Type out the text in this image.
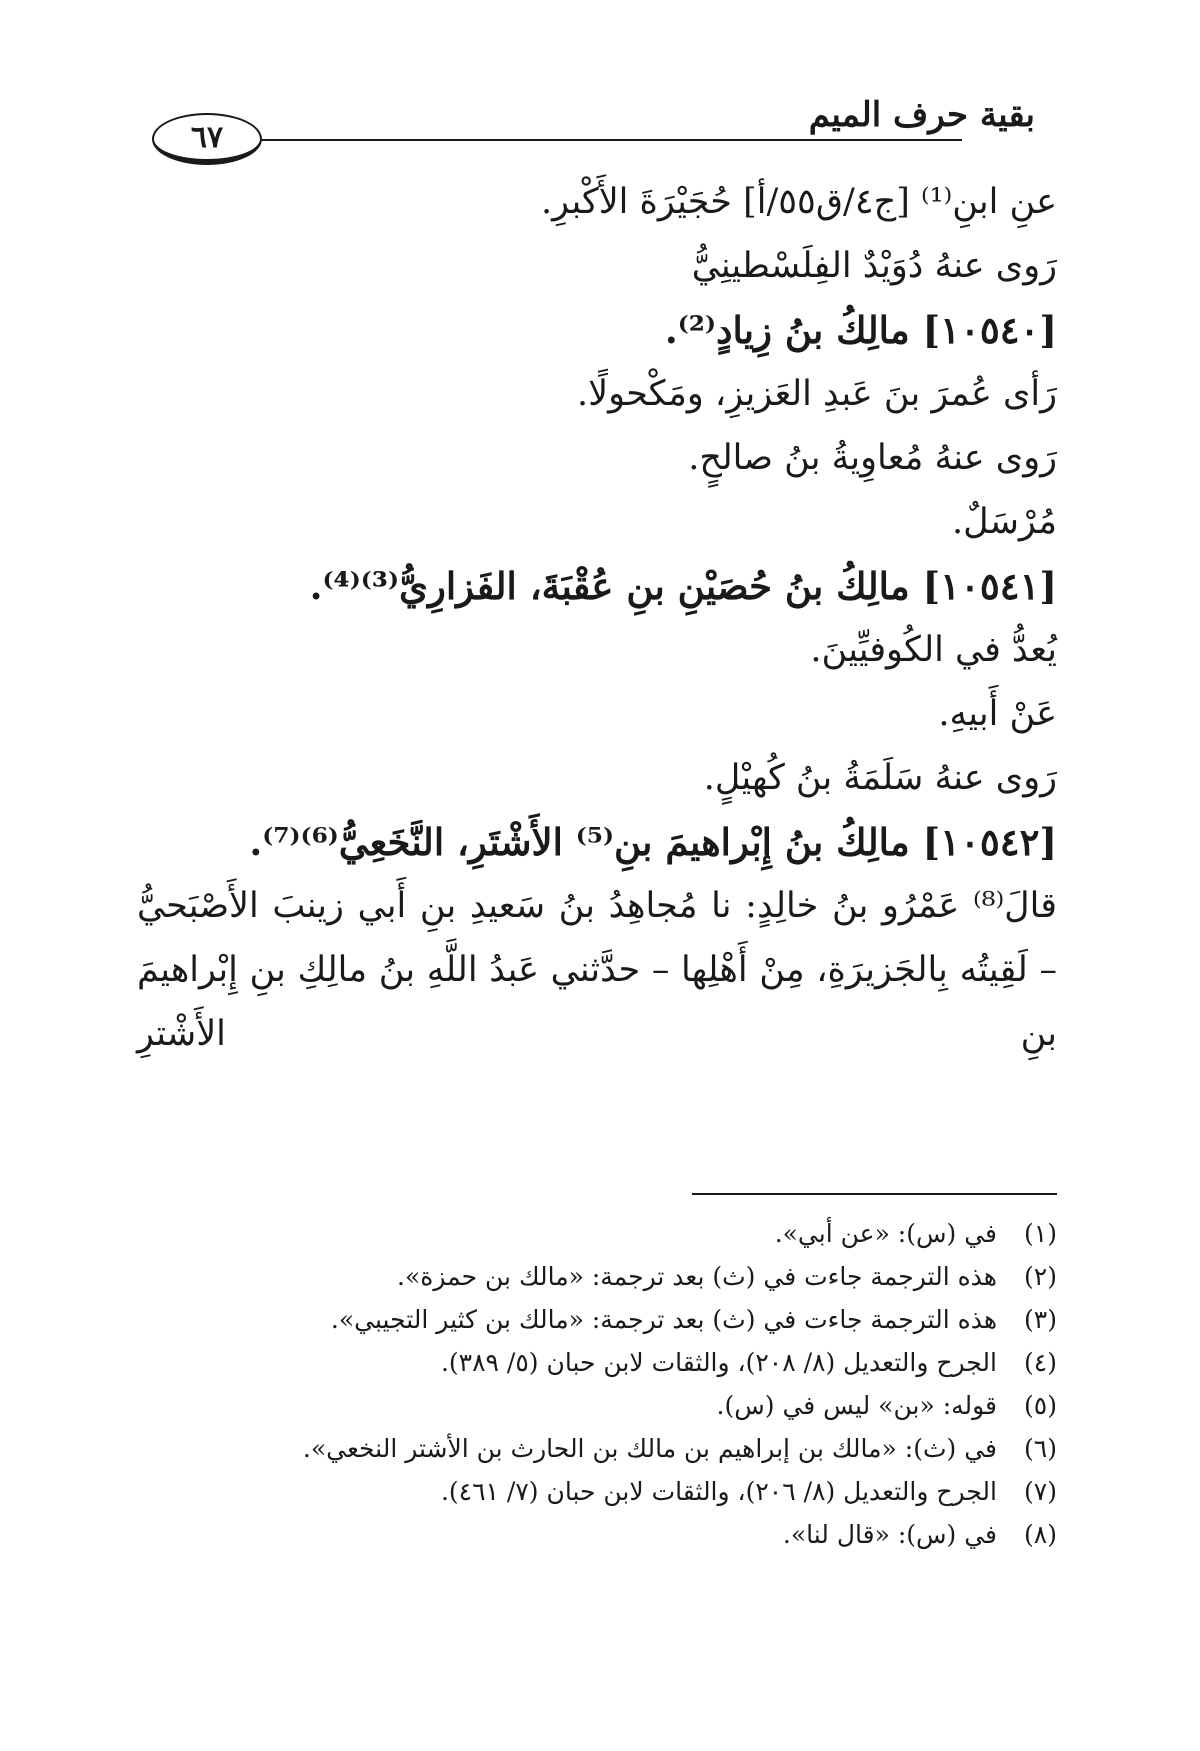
بقية حرف الميم
٦٧
عنِ ابنِ⁽¹⁾ [ج٤/ق٥٥/أ] حُجَيْرَةَ الأَكْبرِ.
رَوى عنهُ دُوَيْدٌ الفِلَسْطينِيُّ
[١٠٥٤٠] مالِكُ بنُ زِيادٍ⁽²⁾.
رَأى عُمرَ بنَ عَبدِ العَزيزِ، ومَكْحولًا.
رَوى عنهُ مُعاوِيةُ بنُ صالحٍ.
مُرْسَلٌ.
[١٠٥٤١] مالِكُ بنُ حُصَيْنِ بنِ عُقْبَةَ، الفَزارِيُّ⁽³⁾⁽⁴⁾.
يُعدُّ في الكُوفيِّينَ.
عَنْ أَبيهِ.
رَوى عنهُ سَلَمَةُ بنُ كُهيْلٍ.
[١٠٥٤٢] مالِكُ بنُ إِبْراهيمَ بنِ⁽⁵⁾ الأَشْتَرِ، النَّخَعِيُّ⁽⁶⁾⁽⁷⁾.
قالَ⁽⁸⁾ عَمْرُو بنُ خالِدٍ: نا مُجاهِدُ بنُ سَعيدِ بنِ أَبي زينبَ الأَصْبَحيُّ
– لَقِيتُه بِالجَزيرَةِ، مِنْ أَهْلِها – حدَّثني عَبدُ اللَّهِ بنُ مالِكِ بنِ إِبْراهيمَ بنِ الأَشْترِ
(١)
في (س): «عن أبي».
(٢)
هذه الترجمة جاءت في (ث) بعد ترجمة: «مالك بن حمزة».
(٣)
هذه الترجمة جاءت في (ث) بعد ترجمة: «مالك بن كثير التجيبي».
(٤)
الجرح والتعديل (٨/ ٢٠٨)، والثقات لابن حبان (٥/ ٣٨٩).
(٥)
قوله: «بن» ليس في (س).
(٦)
في (ث): «مالك بن إبراهيم بن مالك بن الحارث بن الأشتر النخعي».
(٧)
الجرح والتعديل (٨/ ٢٠٦)، والثقات لابن حبان (٧/ ٤٦١).
(٨)
في (س): «قال لنا».
